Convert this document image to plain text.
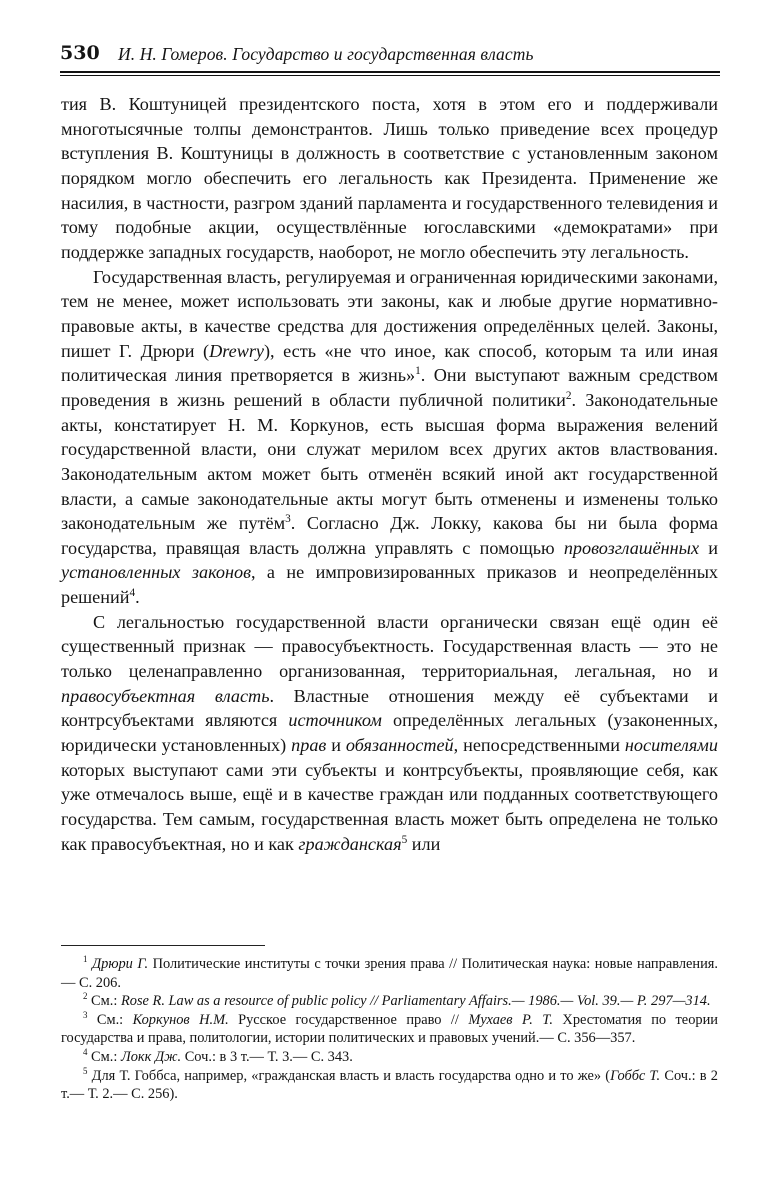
530 И. Н. Гомеров. Государство и государственная власть

тия В. Коштуницей президентского поста, хотя в этом его и поддерживали многотысячные толпы демонстрантов. Лишь только приведение всех процедур вступления В. Коштуницы в должность в соответствие с установленным законом порядком могло обеспечить его легальность как Президента. Применение же насилия, в частности, разгром зданий парламента и государственного телевидения и тому подобные акции, осуществлённые югославскими «демократами» при поддержке западных государств, наоборот, не могло обеспечить эту легальность.

Государственная власть, регулируемая и ограниченная юридическими законами, тем не менее, может использовать эти законы, как и любые другие нормативно-правовые акты, в качестве средства для достижения определённых целей. Законы, пишет Г. Дрюри (Drewry), есть «не что иное, как способ, которым та или иная политическая линия претворяется в жизнь»$^1$. Они выступают важным средством проведения в жизнь решений в области публичной политики$^2$. Законодательные акты, констатирует Н. М. Коркунов, есть высшая форма выражения велений государственной власти, они служат мерилом всех других актов властвования. Законодательным актом может быть отменён всякий иной акт государственной власти, а самые законодательные акты могут быть отменены и изменены только законодательным же путём$^3$. Согласно Дж. Локку, какова бы ни была форма государства, правящая власть должна управлять с помощью провозглашённых и установленных законов, а не импровизированных приказов и неопределённых решений$^4$.

С легальностью государственной власти органически связан ещё один её существенный признак — правосубъектность. Государственная власть — это не только целенаправленно организованная, территориальная, легальная, но и правосубъектная власть. Властные отношения между её субъектами и контрсубъектами являются источником определённых легальных (узаконенных, юридически установленных) прав и обязанностей, непосредственными носителями которых выступают сами эти субъекты и контрсубъекты, проявляющие себя, как уже отмечалось выше, ещё и в качестве граждан или подданных соответствующего государства. Тем самым, государственная власть может быть определена не только как правосубъектная, но и как гражданская$^5$ или

$^1$ Дрюри Г. Политические институты с точки зрения права // Политическая наука: новые направления.— С. 206.

$^2$ См.: Rose R. Law as a resource of public policy // Parliamentary Affairs.— 1986.— Vol. 39.— P. 297—314.

$^3$ См.: Коркунов Н.М. Русское государственное право // Мухаев Р. Т. Хрестоматия по теории государства и права, политологии, истории политических и правовых учений.— С. 356—357.

$^4$ См.: Локк Дж. Соч.: в 3 т.— Т. 3.— С. 343.

$^5$ Для Т. Гоббса, например, «гражданская власть и власть государства одно и то же» (Гоббс Т. Соч.: в 2 т.— Т. 2.— С. 256).
